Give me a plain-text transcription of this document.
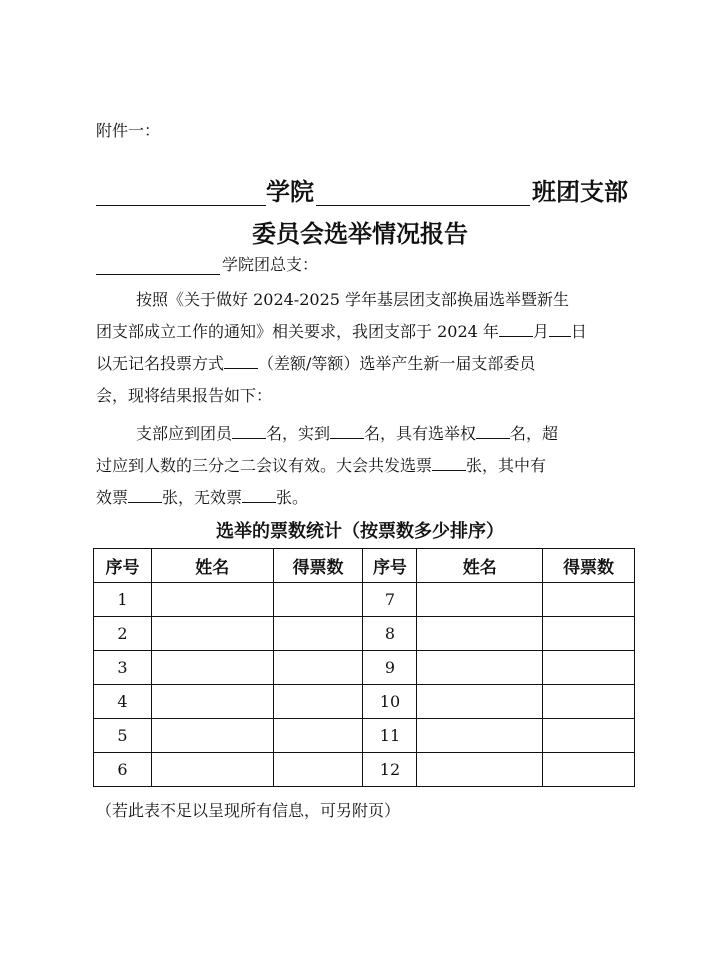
附件一：
学院	班团支部
委员会选举情况报告
学院团总支：
按照《关于做好 2024-2025 学年基层团支部换届选举暨新生
团支部成立工作的通知》相关要求，我团支部于 2024 年 月 日
以无记名投票方式 （差额/等额）选举产生新一届支部委员
会，现将结果报告如下：
支部应到团员 名，实到 名，具有选举权 名，超
过应到人数的三分之二会议有效。大会共发选票 张，其中有
效票 张，无效票 张。
选举的票数统计（按票数多少排序）
序号	姓名	得票数	序号	姓名	得票数
1			7		
2			8		
3			9		
4			10		
5			11		
6			12		
（若此表不足以呈现所有信息，可另附页）
